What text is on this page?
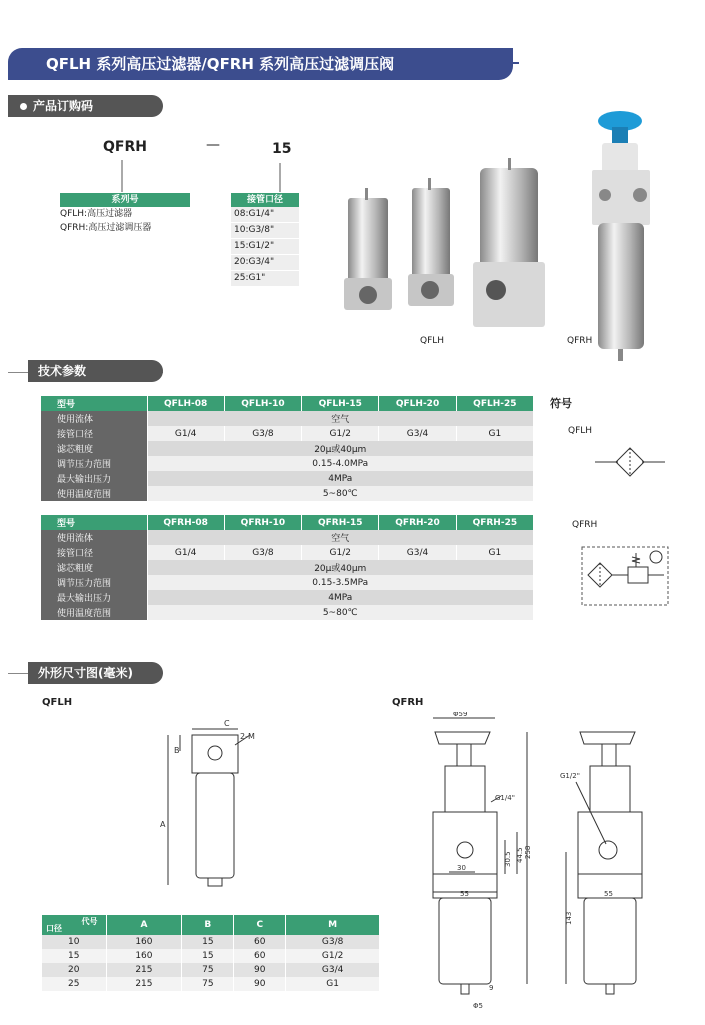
QFLH 系列高压过滤器/QFRH 系列高压过滤调压阀
产品订购码
QFRH	—	15
系列号
QFLH:高压过滤器
QFRH:高压过滤调压器
接管口径
08:G1/4"
10:G3/8"
15:G1/2"
20:G3/4"
25:G1"
QFLH	QFRH
技术参数
型号	QFLH-08	QFLH-10	QFLH-15	QFLH-20	QFLH-25
使用流体	空气				
接管口径	G1/4	G3/8	G1/2	G3/4	G1
滤芯粗度	20μ或40μm				
调节压力范围	0.15-4.0MPa				
最大输出压力	4MPa				
使用温度范围	5~80℃				
型号	QFRH-08	QFRH-10	QFRH-15	QFRH-20	QFRH-25
使用流体	空气				
接管口径	G1/4	G3/8	G1/2	G3/4	G1
滤芯粗度	20μ或40μm				
调节压力范围	0.15-3.5MPa				
最大输出压力	4MPa				
使用温度范围	5~80℃				
符号
QFLH
QFRH
外形尺寸图(毫米)
QFLH	QFRH
C
2-M
B
A
Φ59
G1/4"
30.5 44.5 258
30
55
9
Φ5
G1/2"
55
143
代号
口径	A	B	C	M
10	160	15	60	G3/8
15	160	15	60	G1/2
20	215	75	90	G3/4
25	215	75	90	G1
